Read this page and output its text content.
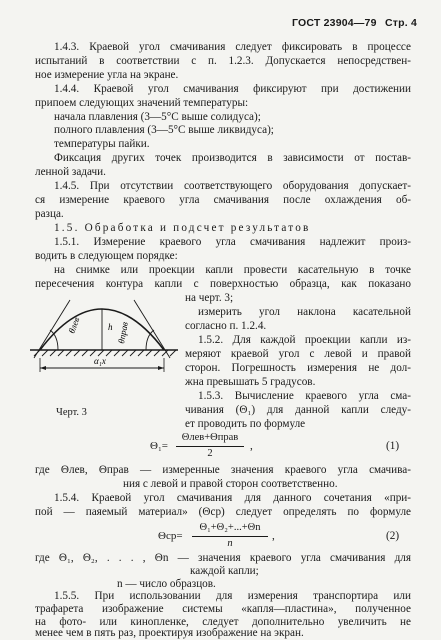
ГОСТ 23904—79 Стр. 4
1.4.3. Краевой угол смачивания следует фиксировать в процессе
испытаний в соответствии с п. 1.2.3. Допускается непосредствен-
ное измерение угла на экране.
1.4.4. Краевой угол смачивания фиксируют при достижении
припоем следующих значений температуры:
начала плавления (3—5°С выше солидуса);
полного плавления (3—5°С выше ликвидуса);
температуры пайки.
Фиксация других точек производится в зависимости от постав-
ленной задачи.
1.4.5. При отсутствии соответствующего оборудования допускает-
ся измерение краевого угла смачивания после охлаждения об-
разца.
1.5. Обработка и подсчет результатов
1.5.1. Измерение краевого угла смачивания надлежит произ-
водить в следующем порядке:
на снимке или проекции капли провести касательную в точке
пересечения контура капли с поверхностью образца, как показано
на черт. 3;
измерить угол наклона касательной
согласно п. 1.2.4.
1.5.2. Для каждой проекции капли из-
меряют краевой угол с левой и правой
сторон. Погрешность измерения не дол-
жна превышать 5 градусов.
1.5.3. Вычисление краевого угла сма-
чивания (Θ₁) для данной капли следу-
ет проводить по формуле
θлев	h θправ
α₁х
Черт. 3
Θ₁=
Θлев+Θправ
2
,	(1)
где Θлев, Θправ — измеренные значения краевого угла смачива-
ния с левой и правой сторон соответственно.
1.5.4. Краевой угол смачивания для данного сочетания «при-
пой — паяемый материал» (Θср) следует определять по формуле
Θср=
Θ₁+Θ₂+...+Θn
n
,	(2)
где Θ₁, Θ₂, . . . , Θn — значения краевого угла смачивания для
каждой капли;
n — число образцов.
1.5.5. При использовании для измерения транспортира или
трафарета изображение системы «капля—пластина», полученное
на фото- или кинопленке, следует дополнительно увеличить не
менее чем в пять раз, проектируя изображение на экран.
